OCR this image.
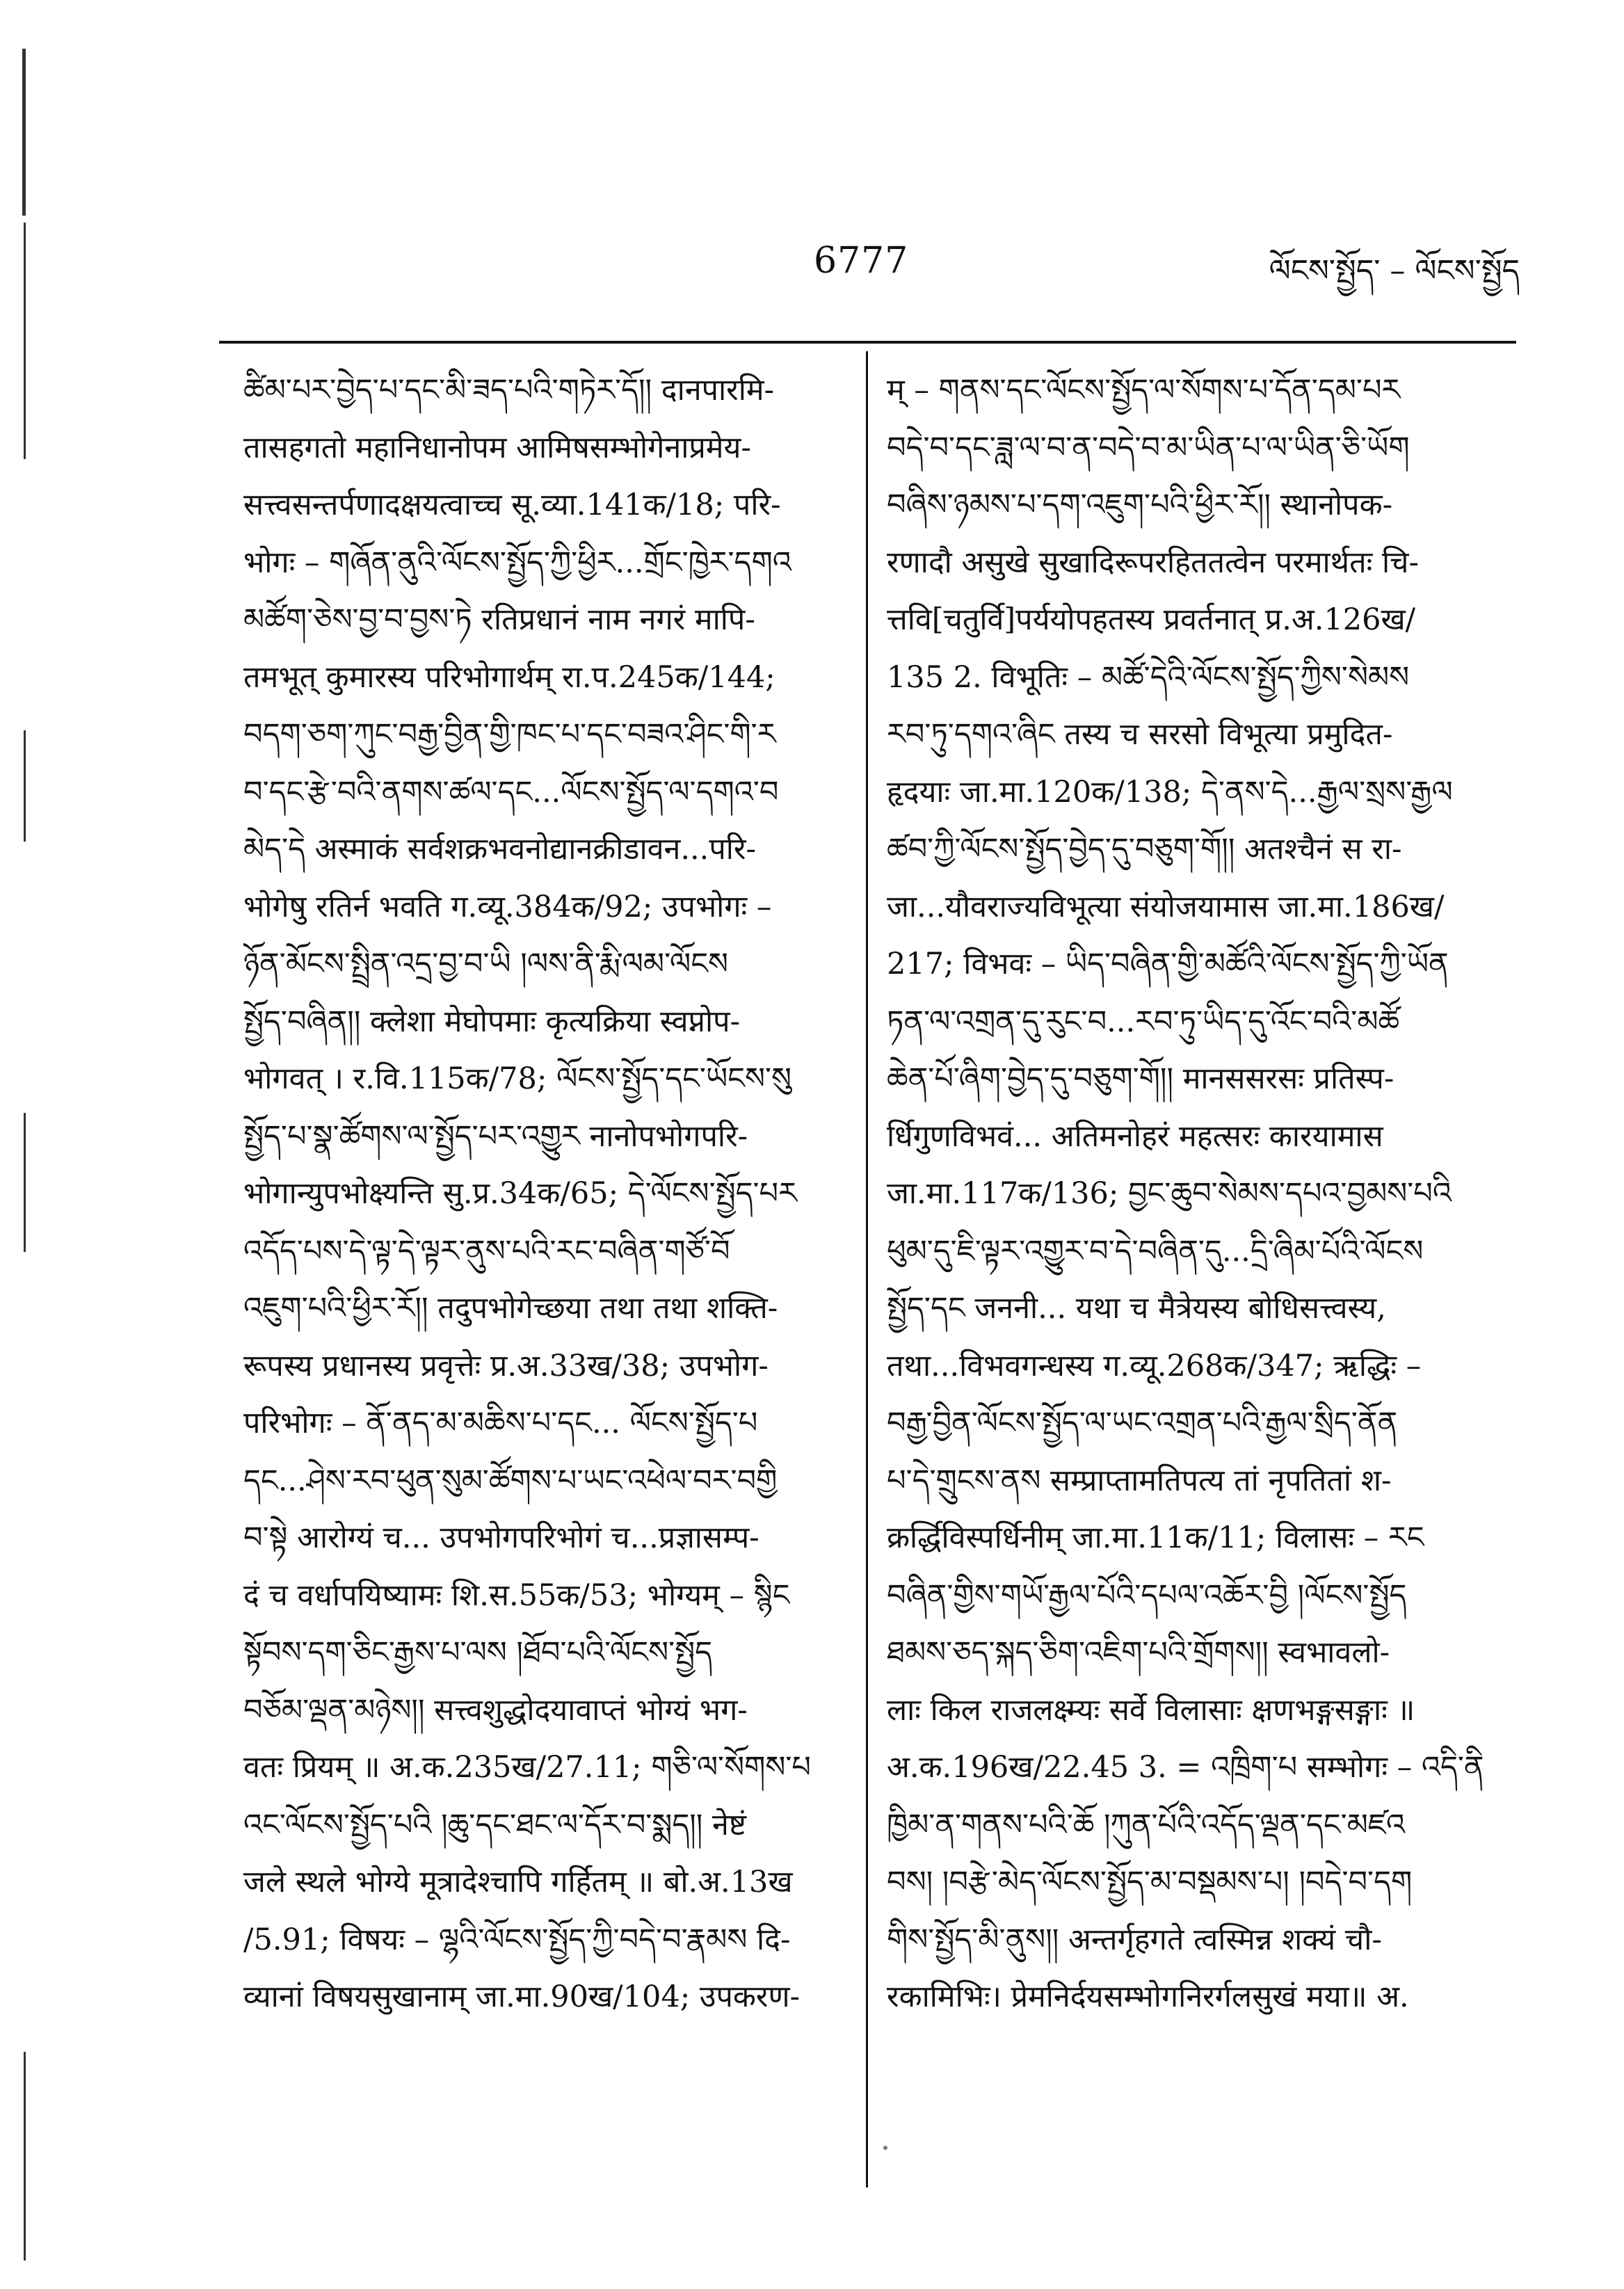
6777	ལོངས་སྤྱོད་ – ལོངས་སྤྱོད
ཚིམ་པར་བྱེད་པ་དང་མི་ཟད་པའི་གཏེར་དོ།། दानपारमि-
तासहगतो महानिधानोपम आमिषसम्भोगेनाप्रमेय-
सत्त्वसन्तर्पणादक्षयत्वाच्च सू.व्या.141क/18; परि-
भोगः – གཞོན་ནུའི་ལོངས་སྤྱོད་ཀྱི་ཕྱིར...གྲོང་ཁྱེར་དགའ
མཚོག་ཅེས་བྱ་བ་བྱས་ཏེ रतिप्रधानं नाम नगरं मापि-
तमभूत् कुमारस्य परिभोगार्थम् रा.प.245क/144;
བདག་ཅག་ཀུང་བརྒྱ་བྱིན་གྱི་ཁང་པ་དང་བཟའ་ཤིང་གི་ར
བ་དང་རྩེ་བའི་ནགས་ཚལ་དང...ལོངས་སྤྱོད་ལ་དགའ་བ
མེད་དེ अस्माकं सर्वशक्रभवनोद्यानक्रीडावन...परि-
भोगेषु रतिर्न भवति ग.व्यू.384क/92; उपभोगः –
ཉོན་མོངས་སྤྲིན་འདྲ་བྱ་བ་ཡི །ལས་ནི་རྨི་ལམ་ལོངས
སྤྱོད་བཞིན།། क्लेशा मेघोपमाः कृत्यक्रिया स्वप्नोप-
भोगवत् । र.वि.115क/78; ལོངས་སྤྱོད་དང་ཡོངས་སུ
སྤྱོད་པ་སྣ་ཚོགས་ལ་སྤྱོད་པར་འགྱུར नानोपभोगपरि-
भोगान्युपभोक्ष्यन्ति सु.प्र.34क/65; དེ་ལོངས་སྤྱོད་པར
འདོད་པས་དེ་ལྟ་དེ་ལྟར་ནུས་པའི་རང་བཞིན་གཙོ་བོ
འཇུག་པའི་ཕྱིར་རོ།། तदुपभोगेच्छया तथा तथा शक्ति-
रूपस्य प्रधानस्य प्रवृत्तेः प्र.अ.33ख/38; उपभोग-
परिभोगः – ནོ་ནད་མ་མཆིས་པ་དང... ལོངས་སྤྱོད་པ
དང...ཤེས་རབ་ཕུན་སུམ་ཚོགས་པ་ཡང་འཕེལ་བར་བགྱི
བ་སྟེ आरोग्यं च... उपभोगपरिभोगं च...प्रज्ञासम्प-
दं च वर्धापयिष्यामः शि.स.55क/53; भोग्यम् – སྙིང
སྟོབས་དག་ཅིང་རྒྱས་པ་ལས །ཐོབ་པའི་ལོངས་སྤྱོད
བཅོམ་ལྡན་མཉེས།། सत्त्वशुद्धोदयावाप्तं भोग्यं भग-
वतः प्रियम् ॥ अ.क.235ख/27.11; གཅི་ལ་སོགས་པ
འང་ལོངས་སྤྱོད་པའི །ཆུ་དང་ཐང་ལ་དོར་བ་སྨད།། नेष्टं
जले स्थले भोग्ये मूत्रादेश्चापि गर्हितम् ॥ बो.अ.13ख
/5.91; विषयः – ལྷའི་ལོངས་སྤྱོད་ཀྱི་བདེ་བ་རྣམས दि-
व्यानां विषयसुखानाम् जा.मा.90ख/104; उपकरण-
म् – གནས་དང་ལོངས་སྤྱོད་ལ་སོགས་པ་དོན་དམ་པར
བདེ་བ་དང་ཟླ་ལ་བ་ན་བདེ་བ་མ་ཡིན་པ་ལ་ཡིན་ཅི་ཡོག
བཞིས་ཉམས་པ་དག་འཇུག་པའི་ཕྱིར་རོ།། स्थानोपक-
रणादौ असुखे सुखादिरूपरहिततत्वेन परमार्थतः चि-
त्तवि[चतुर्वि]पर्ययोपहतस्य प्रवर्तनात् प्र.अ.126ख/
135 2. विभूतिः – མཚོ་དེའི་ལོངས་སྤྱོད་ཀྱིས་སེམས
རབ་ཏུ་དགའ་ཞིང तस्य च सरसो विभूत्या प्रमुदित-
हृदयाः जा.मा.120क/138; དེ་ནས་དེ...རྒྱལ་སྲས་རྒྱལ
ཚབ་ཀྱི་ལོངས་སྤྱོད་བྱེད་དུ་བཅུག་གོ།། अतश्चैनं स रा-
जा...यौवराज्यविभूत्या संयोजयामास जा.मा.186ख/
217; विभवः – ཡིད་བཞིན་གྱི་མཚོའི་ལོངས་སྤྱོད་ཀྱི་ཡོན
ཏན་ལ་འགྲན་དུ་རུང་བ...རབ་ཏུ་ཡིད་དུ་འོང་བའི་མཚོ
ཆེན་པོ་ཞིག་བྱེད་དུ་བཅུག་གོ།། मानससरसः प्रतिस्प-
र्धिगुणविभवं... अतिमनोहरं महत्सरः कारयामास
जा.मा.117क/136; བྱང་ཆུབ་སེམས་དཔའ་བྱམས་པའི
ཕུམ་དུ་ཇི་ལྟར་འགྱུར་བ་དེ་བཞིན་དུ...དྲི་ཞིམ་པོའི་ལོངས
སྤྱོད་དང जननी... यथा च मैत्रेयस्य बोधिसत्त्वस्य,
तथा...विभवगन्धस्य ग.व्यू.268क/347; ऋद्धिः –
བརྒྱ་བྱིན་ལོངས་སྤྱོད་ལ་ཡང་འགྲན་པའི་རྒྱལ་སྲིད་ནོན
པ་དེ་གྲུངས་ནས सम्प्राप्तामतिपत्य तां नृपतितां श-
क्रर्द्धिविस्पर्धिनीम् जा.मा.11क/11; विलासः – རང
བཞིན་གྱིས་གཡོ་རྒྱལ་པོའི་དཔལ་འཆོར་བྱི །ལོངས་སྤྱོད
ཐམས་ཅད་སྐད་ཅིག་འཇིག་པའི་གྲོགས།། स्वभावलो-
लाः किल राजलक्ष्म्यः सर्वे विलासाः क्षणभङ्गसङ्गाः ॥
अ.क.196ख/22.45 3. = འཁྲིག་པ सम्भोगः – འདི་ནི
ཁྱིམ་ན་གནས་པའི་ཆོ །ཀུན་པོའི་འདོད་ལྡན་དང་མཛའ
བས། །བརྩེ་མེད་ལོངས་སྤྱོད་མ་བསྡམས་པ། །བདེ་བ་དག
གིས་སྤྱོད་མི་ནུས།། अन्तर्गृहगते त्वस्मिन्न शक्यं चौ-
रकामिभिः। प्रेमनिर्दयसम्भोगनिरर्गलसुखं मया॥ अ.
